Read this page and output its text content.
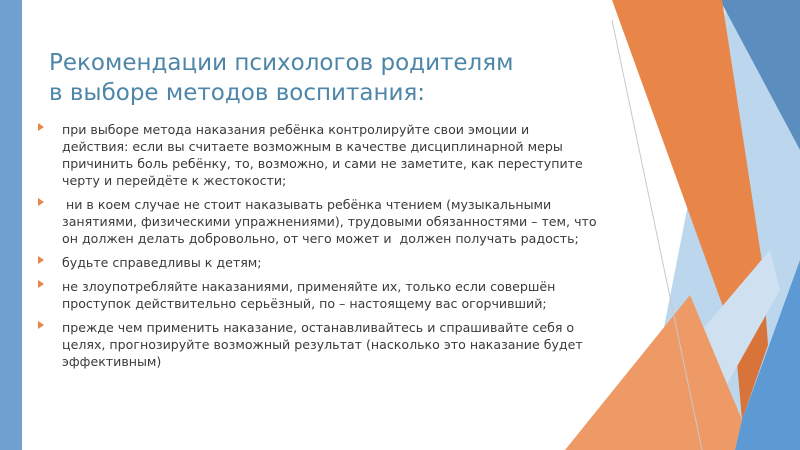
Рекомендации психологов родителям
в выборе методов воспитания:
при выборе метода наказания ребёнка контролируйте свои эмоции и действия: если вы считаете возможным в качестве дисциплинарной меры причинить боль ребёнку, то, возможно, и сами не заметите, как переступите черту и перейдёте к жестокости;
ни в коем случае не стоит наказывать ребёнка чтением (музыкальными занятиями, физическими упражнениями), трудовыми обязанностями – тем, что он должен делать добровольно, от чего может и  должен получать радость;
будьте справедливы к детям;
не злоупотребляйте наказаниями, применяйте их, только если совершён проступок действительно серьёзный, по – настоящему вас огорчивший;
прежде чем применить наказание, останавливайтесь и спрашивайте себя о целях, прогнозируйте возможный результат (насколько это наказание будет эффективным)
